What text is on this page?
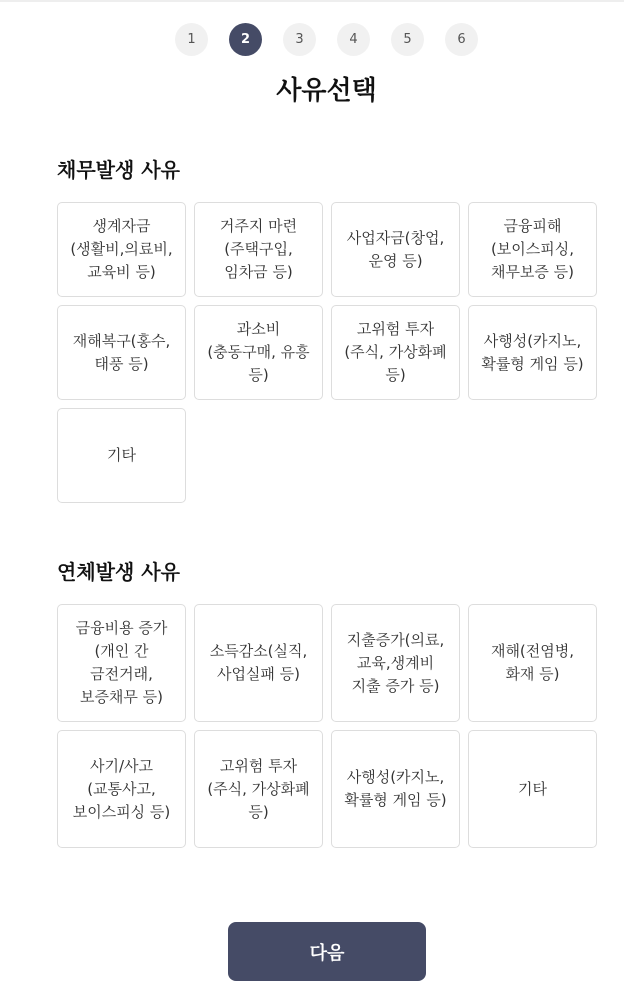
1	2	3	4	5	6
사유선택
채무발생 사유
생계자금
(생활비,의료비,
교육비 등)
거주지 마련
(주택구입,
임차금 등)
사업자금(창업,
운영 등)
금융피해
(보이스피싱,
채무보증 등)
재해복구(홍수,
태풍 등)
과소비
(충동구매, 유흥
등)
고위험 투자
(주식, 가상화폐
등)
사행성(카지노,
확률형 게임 등)
기타
연체발생 사유
금융비용 증가
(개인 간
금전거래,
보증채무 등)
소득감소(실직,
사업실패 등)
지출증가(의료,
교육,생계비
지출 증가 등)
재해(전염병,
화재 등)
사기/사고
(교통사고,
보이스피싱 등)
고위험 투자
(주식, 가상화폐
등)
사행성(카지노,
확률형 게임 등)
기타
다음
